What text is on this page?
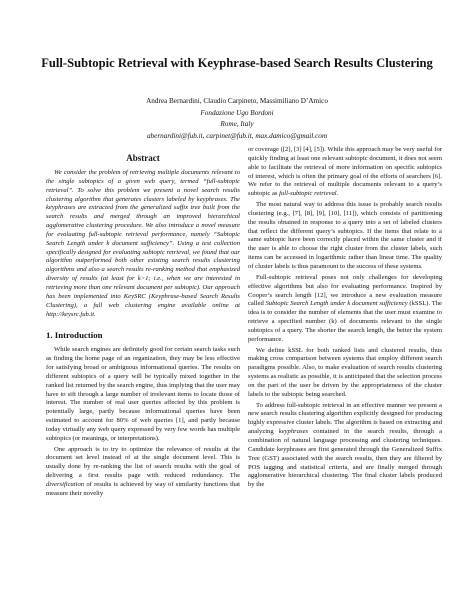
Full-Subtopic Retrieval with Keyphrase-based Search Results Clustering
Andrea Bernardini, Claudio Carpineto, Massimiliano D’Amico
Fondazione Ugo Bordoni
Rome, Italy
abernardini@fub.it, carpinet@fub.it, max.damico@gmail.com
Abstract

We consider the problem of retrieving multiple documents relevant to the single subtopics of a given web query, termed “full-subtopic retrieval”. To solve this problem we present a novel search results clustering algorithm that generates clusters labeled by keyphrases. The keyphrases are extracted from the generalized suffix tree built from the search results and merged through an improved hierarchical agglomerative clustering procedure. We also introduce a novel measure for evaluating full-subtopic retrieval performance, namely “Subtopic Search Length under k document sufficiency”. Using a test collection specifically designed for evaluating subtopic retrieval, we found that our algorithm outperformed both other existing search results clustering algorithms and also a search results re-ranking method that emphasized diversity of results (at least for k>1; i.e., when we are interested in retrieving more than one relevant document per subtopic). Our approach has been implemented into KeySRC (Keyphrase-based Search Results Clustering), a full web clustering engine available online at http://keysrc.fub.it.

1. Introduction

While search engines are definitely good for certain search tasks such as finding the home page of an organization, they may be less effective for satisfying broad or ambiguous informational queries. The results on different subtopics of a query will be typically mixed together in the ranked list returned by the search engine, thus implying that the user may have to sift through a large number of irrelevant items to locate those of interest. The number of real user queries affected by this problem is potentially large, partly because informational queries have been estimated to account for 80% of web queries [1], and partly because today virtually any web query expressed by very few words has multiple subtopics (or meanings, or interpretations).

One approach is to try to optimize the relevance of results at the document set level instead of at the single document level. This is usually done by re-ranking the list of search results with the goal of delivering a first results page with reduced redundancy. The diversification of results is achieved by way of similarity functions that measure their novelty

or coverage ([2], [3] [4], [5]). While this approach may be very useful for quickly finding at least one relevant subtopic document, it does not seem able to facilitate the retrieval of more information on specific subtopics of interest, which is often the primary goal of the efforts of searchers [6]. We refer to the retrieval of multiple documents relevant to a query’s subtopic as full-subtopic retrieval.

The most natural way to address this issue is probably search results clustering (e.g., [7], [8], [9], [10], [11]), which consists of partitioning the results obtained in response to a query into a set of labeled clusters that reflect the different query’s subtopics. If the items that relate to a same subtopic have been correctly placed within the same cluster and if the user is able to choose the right cluster from the cluster labels, such items can be accessed in logarithmic rather than linear time. The quality of cluster labels is thus paramount to the success of these systems.

Full-subtopic retrieval poses not only challenges for developing effective algorithms but also for evaluating performance. Inspired by Cooper’s search length [12], we introduce a new evaluation measure called Subtopic Search Length under k document sufficiency (kSSL). The idea is to consider the number of elements that the user must examine to retrieve a specified number (k) of documents relevant to the single subtopics of a query. The shorter the search length, the better the system performance.

We define kSSL for both ranked lists and clustered results, thus making cross comparison between systems that employ different search paradigms possible. Also, to make evaluation of search results clustering systems as realistic as possible, it is anticipated that the selection process on the part of the user be driven by the appropriateness of the cluster labels to the subtopic being searched.

To address full-subtopic retrieval in an effective manner we present a new search results clustering algorithm explicitly designed for producing highly expressive cluster labels. The algorithm is based on extracting and analyzing keyphrases contained in the search results, through a combination of natural language processing and clustering techniques. Candidate keyphrases are first generated through the Generalized Suffix Tree (GST) associated with the search results, then they are filtered by POS tagging and statistical criteria, and are finally merged through agglomerative hierarchical clustering. The final cluster labels produced by the
